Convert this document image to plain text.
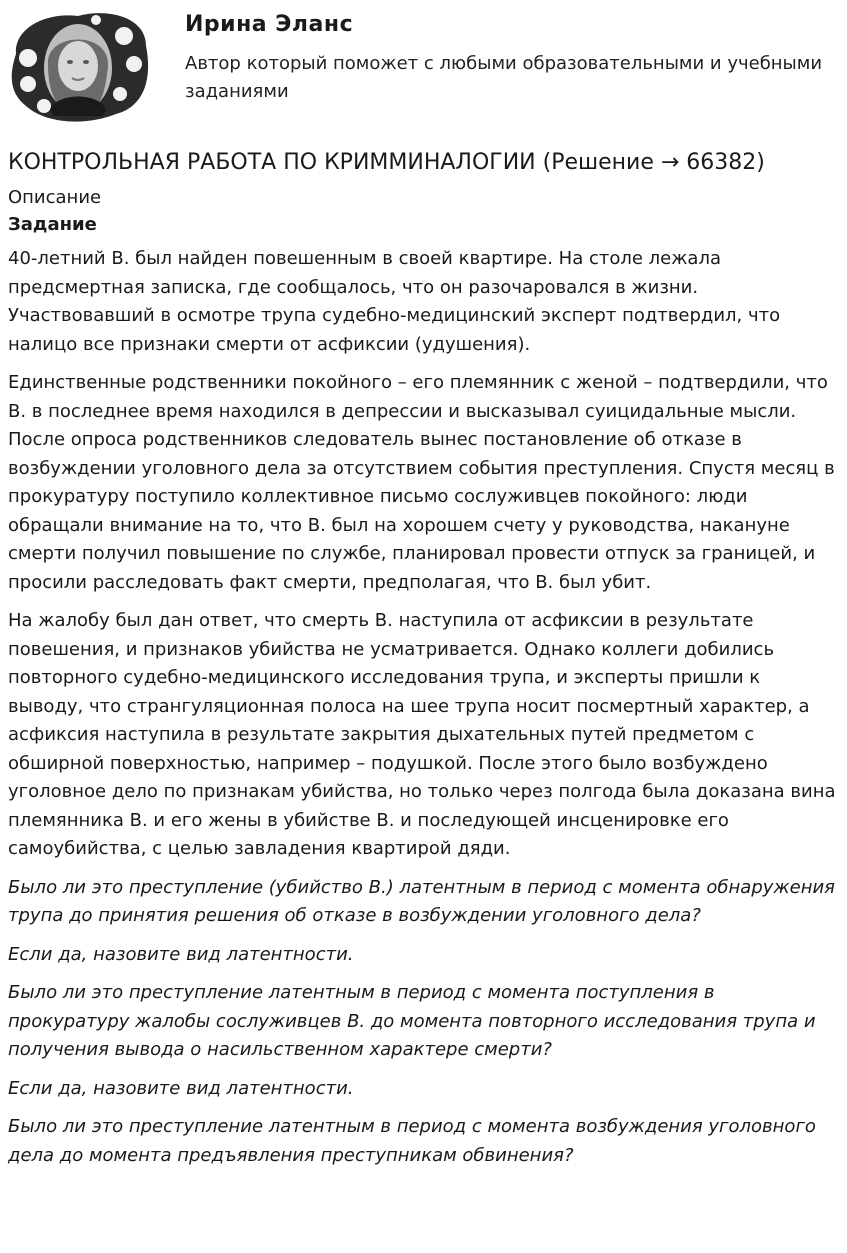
Ирина Эланс
Автор который поможет с любыми образовательными и учебными заданиями
КОНТРОЛЬНАЯ РАБОТА ПО КРИММИНАЛОГИИ (Решение → 66382)
Описание
Задание

40-летний В. был найден повешенным в своей квартире. На столе лежала предсмертная записка, где сообщалось, что он разочаровался в жизни. Участвовавший в осмотре трупа судебно-медицинский эксперт подтвердил, что налицо все признаки смерти от асфиксии (удушения).

Единственные родственники покойного – его племянник с женой – подтвердили, что В. в последнее время находился в депрессии и высказывал суицидальные мысли. После опроса родственников следователь вынес постановление об отказе в возбуждении уголовного дела за отсутствием события преступления. Спустя месяц в прокуратуру поступило коллективное письмо сослуживцев покойного: люди обращали внимание на то, что В. был на хорошем счету у руководства, накануне смерти получил повышение по службе, планировал провести отпуск за границей, и просили расследовать факт смерти, предполагая, что В. был убит.

На жалобу был дан ответ, что смерть В. наступила от асфиксии в результате повешения, и признаков убийства не усматривается. Однако коллеги добились повторного судебно-медицинского исследования трупа, и эксперты пришли к выводу, что странгуляционная полоса на шее трупа носит посмертный характер, а асфиксия наступила в результате закрытия дыхательных путей предметом с обширной поверхностью, например – подушкой. После этого было возбуждено уголовное дело по признакам убийства, но только через полгода была доказана вина племянника В. и его жены в убийстве В. и последующей инсценировке его самоубийства, с целью завладения квартирой дяди.

Было ли это преступление (убийство В.) латентным в период с момента обнаружения трупа до принятия решения об отказе в возбуждении уголовного дела?

Если да, назовите вид латентности.

Было ли это преступление латентным в период с момента поступления в прокуратуру жалобы сослуживцев В. до момента повторного исследования трупа и получения вывода о насильственном характере смерти?

Если да, назовите вид латентности.

Было ли это преступление латентным в период с момента возбуждения уголовного дела до момента предъявления преступникам обвинения?
